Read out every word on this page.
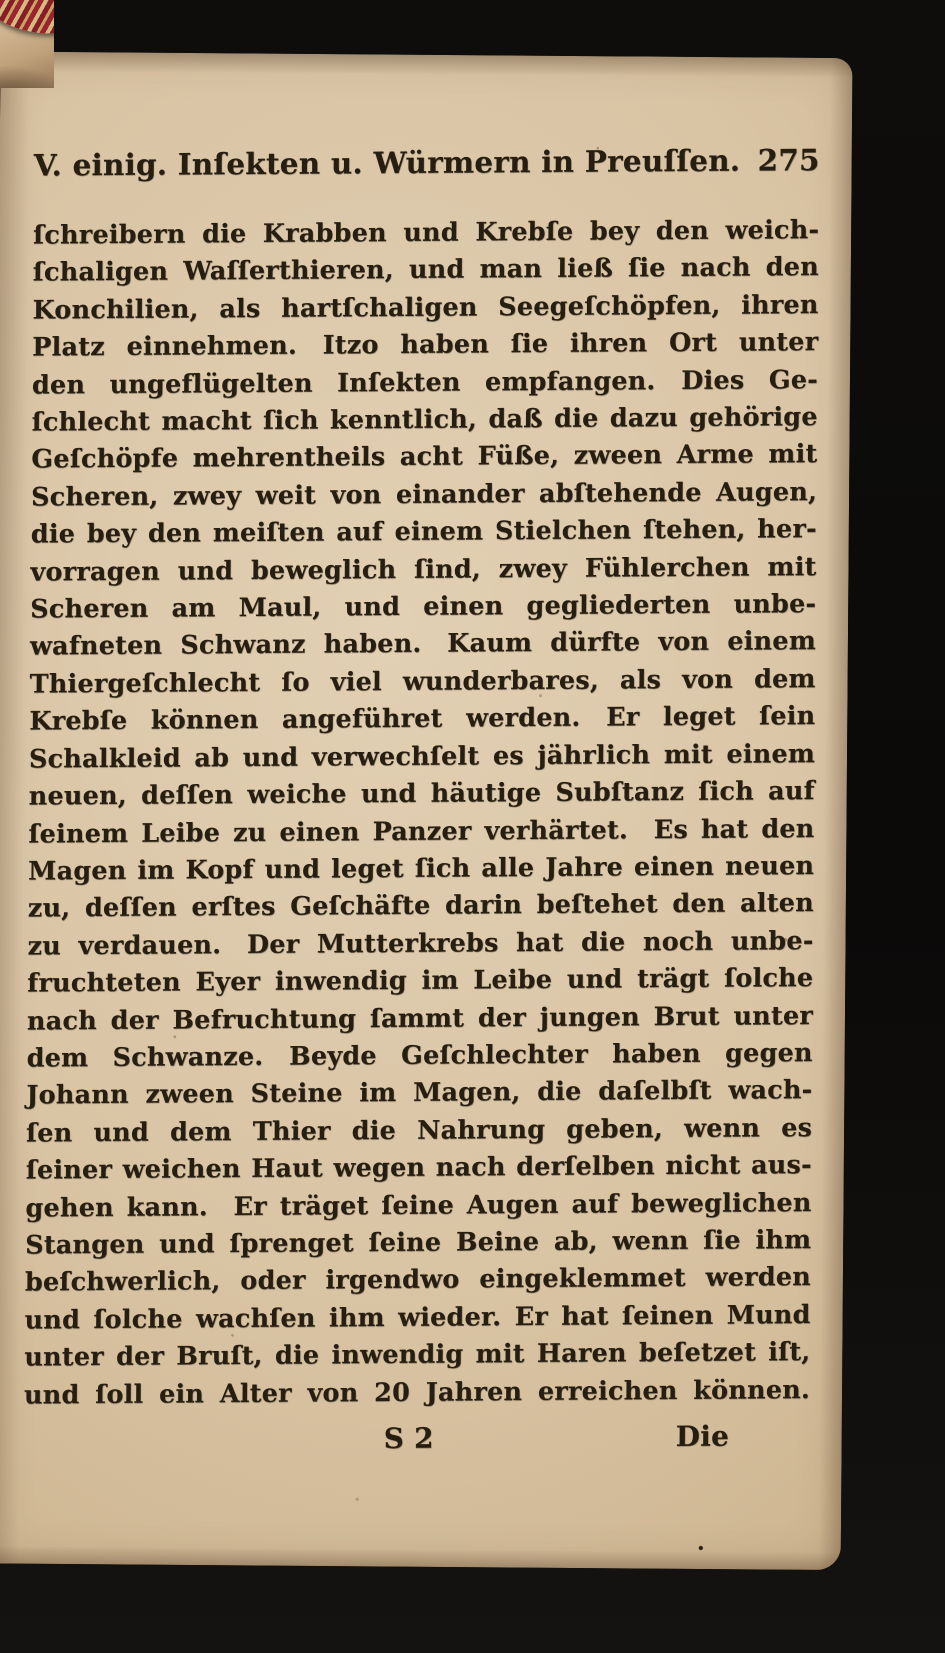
V. einig. Inſekten u. Würmern in Preuſſen. 275
ſchreibern die Krabben und Krebſe bey den weich-
ſchaligen Waſſerthieren, und man ließ ſie nach den
Konchilien, als hartſchaligen Seegeſchöpfen, ihren
Platz einnehmen. Itzo haben ſie ihren Ort unter
den ungeflügelten Inſekten empfangen. Dies Ge-
ſchlecht macht ſich kenntlich, daß die dazu gehörige
Geſchöpfe mehrentheils acht Füße, zween Arme mit
Scheren, zwey weit von einander abſtehende Augen,
die bey den meiſten auf einem Stielchen ſtehen, her-
vorragen und beweglich ſind, zwey Fühlerchen mit
Scheren am Maul, und einen gegliederten unbe-
wafneten Schwanz haben. Kaum dürfte von einem
Thiergeſchlecht ſo viel wunderbares, als von dem
Krebſe können angeführet werden. Er leget ſein
Schalkleid ab und verwechſelt es jährlich mit einem
neuen, deſſen weiche und häutige Subſtanz ſich auf
ſeinem Leibe zu einen Panzer verhärtet. Es hat den
Magen im Kopf und leget ſich alle Jahre einen neuen
zu, deſſen erſtes Geſchäfte darin beſtehet den alten
zu verdauen. Der Mutterkrebs hat die noch unbe-
fruchteten Eyer inwendig im Leibe und trägt ſolche
nach der Befruchtung ſammt der jungen Brut unter
dem Schwanze. Beyde Geſchlechter haben gegen
Johann zween Steine im Magen, die daſelbſt wach-
ſen und dem Thier die Nahrung geben, wenn es
ſeiner weichen Haut wegen nach derſelben nicht aus-
gehen kann. Er träget ſeine Augen auf beweglichen
Stangen und ſprenget ſeine Beine ab, wenn ſie ihm
beſchwerlich, oder irgendwo eingeklemmet werden
und ſolche wachſen ihm wieder. Er hat ſeinen Mund
unter der Bruſt, die inwendig mit Haren beſetzet iſt,
und ſoll ein Alter von 20 Jahren erreichen können.
S 2	Die
